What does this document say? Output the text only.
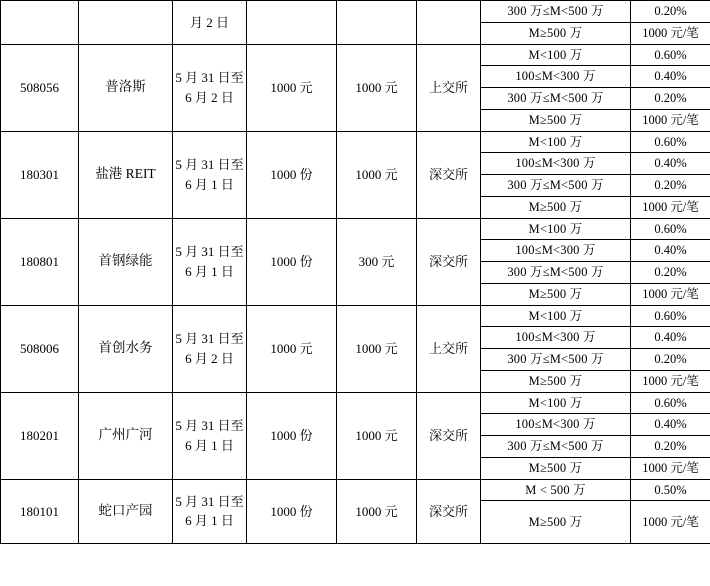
		月 2 日				300 万≤M<500 万	0.20%
						M≥500 万	1000 元/笔
508056	普洛斯	5 月 31 日至 6 月 2 日	1000 元	1000 元	上交所	M<100 万	0.60%
						100≤M<300 万	0.40%
						300 万≤M<500 万	0.20%
						M≥500 万	1000 元/笔
180301	盐港 REIT	5 月 31 日至 6 月 1 日	1000 份	1000 元	深交所	M<100 万	0.60%
						100≤M<300 万	0.40%
						300 万≤M<500 万	0.20%
						M≥500 万	1000 元/笔
180801	首钢绿能	5 月 31 日至 6 月 1 日	1000 份	300 元	深交所	M<100 万	0.60%
						100≤M<300 万	0.40%
						300 万≤M<500 万	0.20%
						M≥500 万	1000 元/笔
508006	首创水务	5 月 31 日至 6 月 2 日	1000 元	1000 元	上交所	M<100 万	0.60%
						100≤M<300 万	0.40%
						300 万≤M<500 万	0.20%
						M≥500 万	1000 元/笔
180201	广州广河	5 月 31 日至 6 月 1 日	1000 份	1000 元	深交所	M<100 万	0.60%
						100≤M<300 万	0.40%
						300 万≤M<500 万	0.20%
						M≥500 万	1000 元/笔
180101	蛇口产园	5 月 31 日至 6 月 1 日	1000 份	1000 元	深交所	M < 500 万	0.50%
						M≥500 万	1000 元/笔
